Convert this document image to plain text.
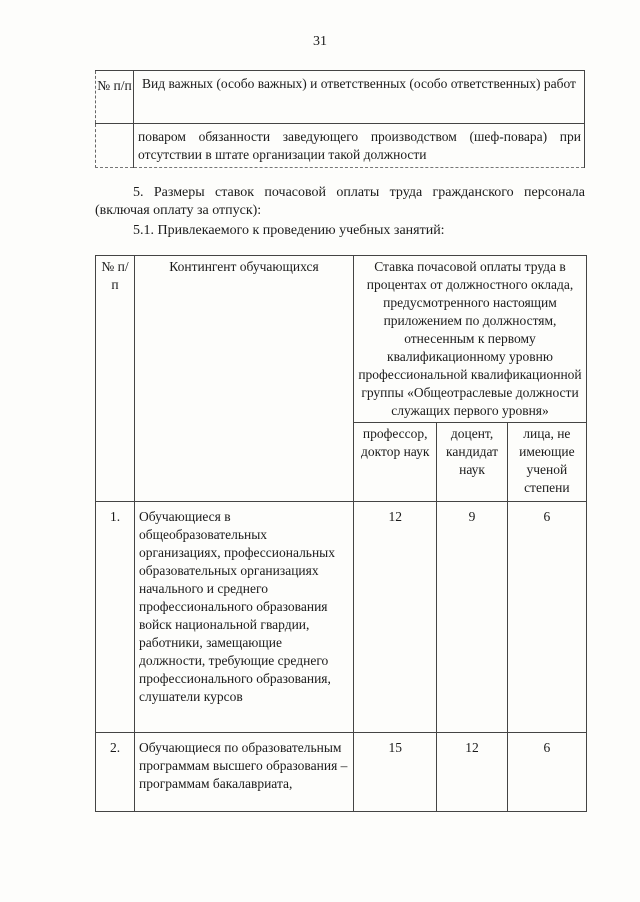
31
№ п/п	Вид важных (особо важных) и ответственных (особо ответственных) работ
	поваром обязанности заведующего производством (шеф-повара) при отсутствии в штате организации такой должности
5. Размеры ставок почасовой оплаты труда гражданского персонала (включая оплату за отпуск):
5.1. Привлекаемого к проведению учебных занятий:
№ п/п	Контингент обучающихся	Ставка почасовой оплаты труда в процентах от должностного оклада, предусмотренного настоящим приложением по должностям, отнесенным к первому квалификационному уровню профессиональной квалификационной группы «Общеотраслевые должности служащих первого уровня»		
		профессор, доктор наук	доцент, кандидат наук	лица, не имеющие ученой степени
1.	Обучающиеся в общеобразовательных организациях, профессиональных образовательных организациях начального и среднего профессионального образования войск национальной гвардии, работники, замещающие должности, требующие среднего профессионального образования, слушатели курсов	12	9	6
2.	Обучающиеся по образовательным программам высшего образования – программам бакалавриата,	15	12	6
